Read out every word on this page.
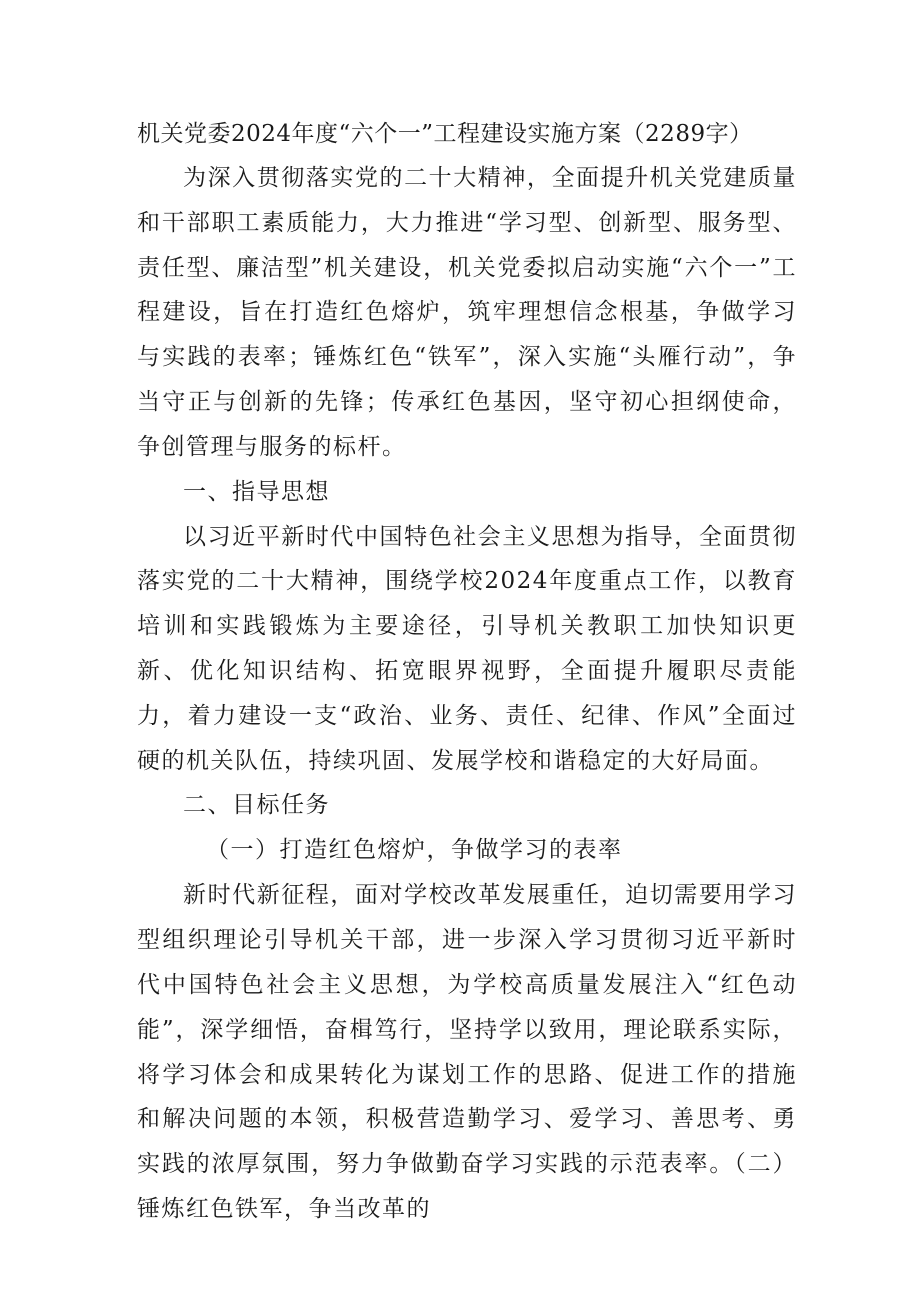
机关党委2024年度“六个一”工程建设实施方案（2289字）

为深入贯彻落实党的二十大精神，全面提升机关党建质量和干部职工素质能力，大力推进“学习型、创新型、服务型、责任型、廉洁型”机关建设，机关党委拟启动实施“六个一”工程建设，旨在打造红色熔炉，筑牢理想信念根基，争做学习与实践的表率；锤炼红色“铁军”，深入实施“头雁行动”，争当守正与创新的先锋；传承红色基因，坚守初心担纲使命，争创管理与服务的标杆。

一、指导思想

以习近平新时代中国特色社会主义思想为指导，全面贯彻落实党的二十大精神，围绕学校2024年度重点工作，以教育培训和实践锻炼为主要途径，引导机关教职工加快知识更新、优化知识结构、拓宽眼界视野，全面提升履职尽责能力，着力建设一支“政治、业务、责任、纪律、作风”全面过硬的机关队伍，持续巩固、发展学校和谐稳定的大好局面。

二、目标任务

（一）打造红色熔炉，争做学习的表率

新时代新征程，面对学校改革发展重任，迫切需要用学习型组织理论引导机关干部，进一步深入学习贯彻习近平新时代中国特色社会主义思想，为学校高质量发展注入“红色动能”，深学细悟，奋楫笃行，坚持学以致用，理论联系实际，将学习体会和成果转化为谋划工作的思路、促进工作的措施和解决问题的本领，积极营造勤学习、爱学习、善思考、勇实践的浓厚氛围，努力争做勤奋学习实践的示范表率。（二）锤炼红色铁军，争当改革的
